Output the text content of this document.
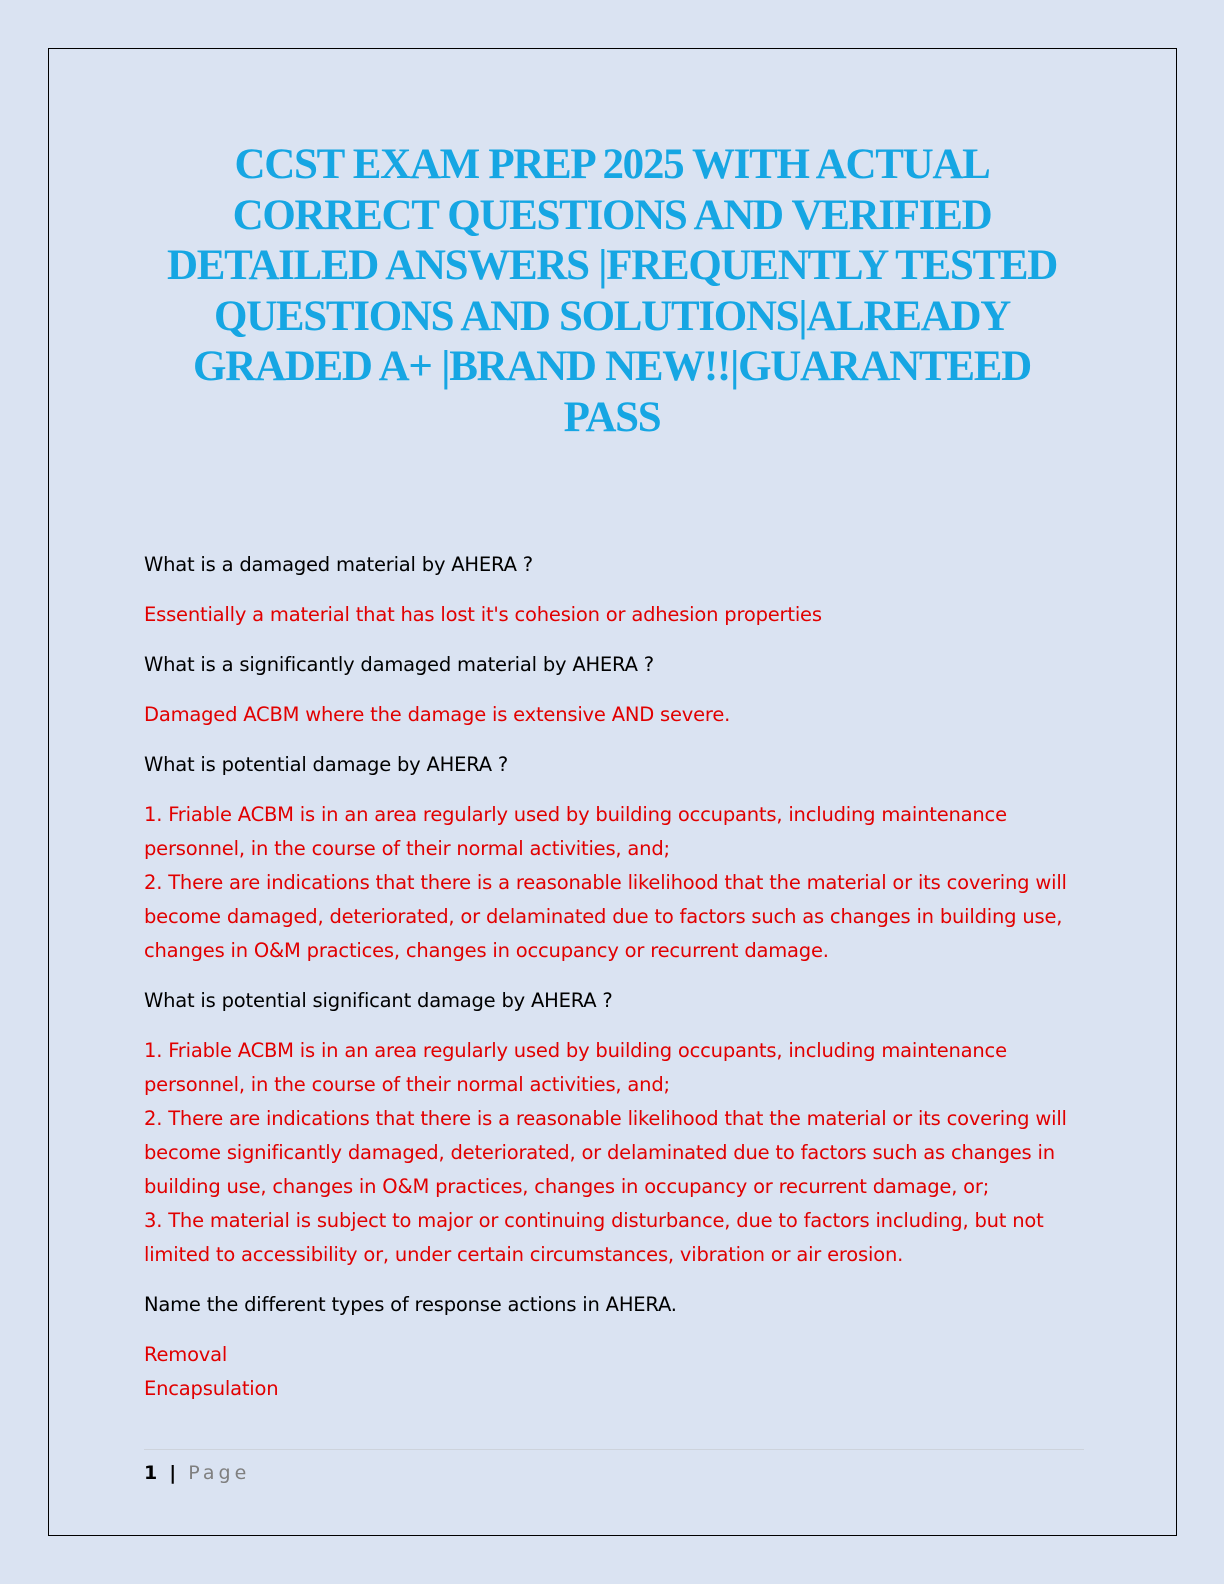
CCST EXAM PREP 2025 WITH ACTUAL CORRECT QUESTIONS AND VERIFIED DETAILED ANSWERS |FREQUENTLY TESTED QUESTIONS AND SOLUTIONS|ALREADY GRADED A+ |BRAND NEW!!|GUARANTEED PASS

What is a damaged material by AHERA ?

Essentially a material that has lost it's cohesion or adhesion properties

What is a significantly damaged material by AHERA ?

Damaged ACBM where the damage is extensive AND severe.

What is potential damage by AHERA ?

1. Friable ACBM is in an area regularly used by building occupants, including maintenance personnel, in the course of their normal activities, and;
2. There are indications that there is a reasonable likelihood that the material or its covering will become damaged, deteriorated, or delaminated due to factors such as changes in building use, changes in O&M practices, changes in occupancy or recurrent damage.

What is potential significant damage by AHERA ?

1. Friable ACBM is in an area regularly used by building occupants, including maintenance personnel, in the course of their normal activities, and;
2. There are indications that there is a reasonable likelihood that the material or its covering will become significantly damaged, deteriorated, or delaminated due to factors such as changes in building use, changes in O&M practices, changes in occupancy or recurrent damage, or;
3. The material is subject to major or continuing disturbance, due to factors including, but not limited to accessibility or, under certain circumstances, vibration or air erosion.

Name the different types of response actions in AHERA.

Removal
Encapsulation
1 | Page
